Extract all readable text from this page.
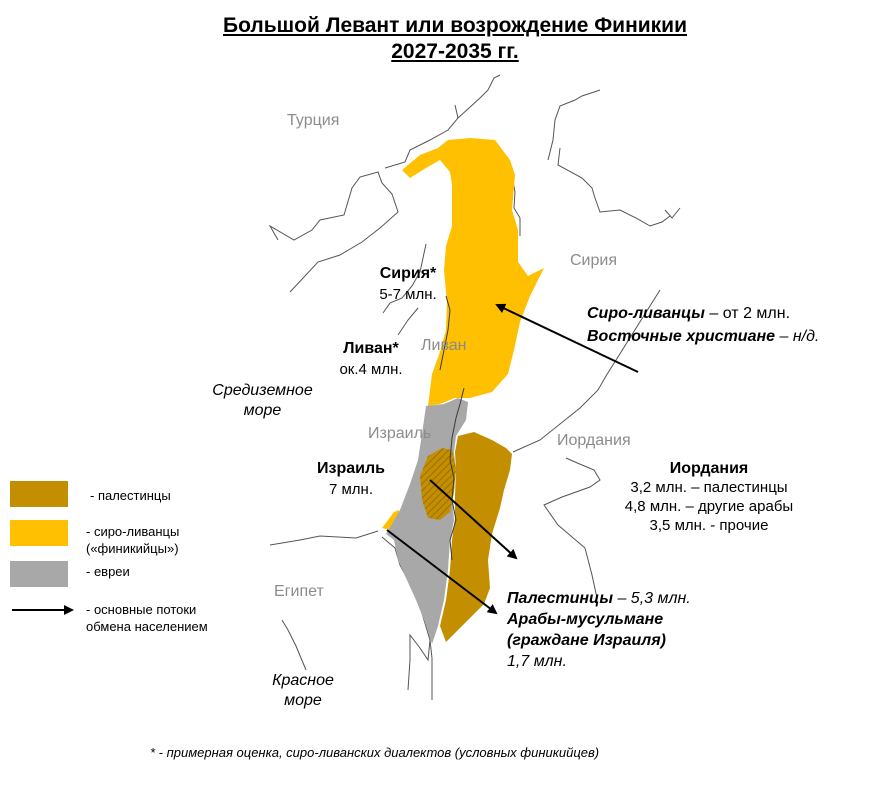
Большой Левант или возрождение Финикии
2027-2035 гг.
Турция
Сирия
Ливан
Израиль	Иордания
Египет
Средиземное
море
Красное
море
Сирия*
5-7 млн.
Ливан*
ок.4 млн.
Израиль
7 млн.
Иордания
3,2 млн. – палестинцы
4,8 млн. – другие арабы
3,5 млн. - прочие
Сиро-ливанцы – от 2 млн.
Восточные христиане – н/д.
Палестинцы – 5,3 млн.
Арабы-мусульмане
(граждане Израиля)
1,7 млн.
- палестинцы
- сиро-ливанцы
(«финикийцы»)
- евреи
- основные потоки
обмена населением
* - примерная оценка, сиро-ливанских диалектов (условных финикийцев)
